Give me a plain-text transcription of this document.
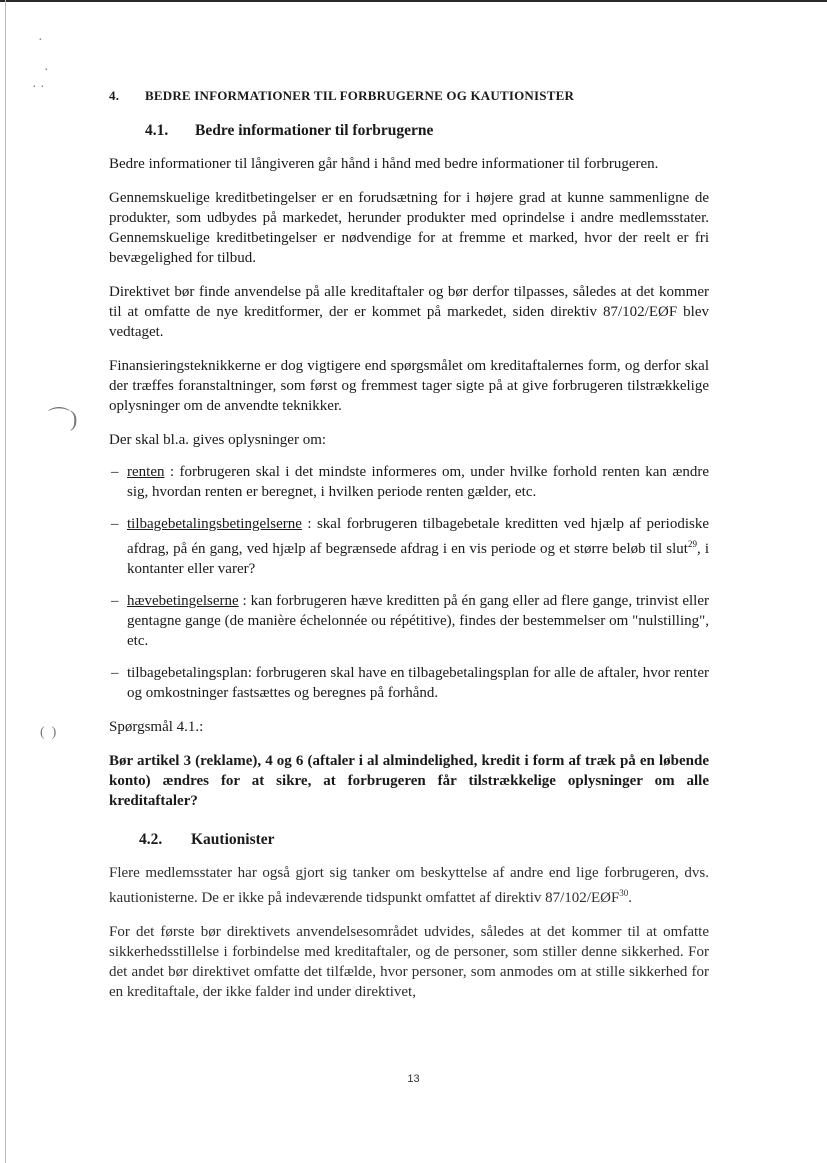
·
·
· ·
⌒)
(  )
4.	BEDRE INFORMATIONER TIL FORBRUGERNE OG KAUTIONISTER
4.1.	Bedre informationer til forbrugerne

Bedre informationer til långiveren går hånd i hånd med bedre informationer til forbrugeren.

Gennemskuelige kreditbetingelser er en forudsætning for i højere grad at kunne sammenligne de produkter, som udbydes på markedet, herunder produkter med oprindelse i andre medlemsstater. Gennemskuelige kreditbetingelser er nødvendige for at fremme et marked, hvor der reelt er fri bevægelighed for tilbud.

Direktivet bør finde anvendelse på alle kreditaftaler og bør derfor tilpasses, således at det kommer til at omfatte de nye kreditformer, der er kommet på markedet, siden direktiv 87/102/EØF blev vedtaget.

Finansieringsteknikkerne er dog vigtigere end spørgsmålet om kreditaftalernes form, og derfor skal der træffes foranstaltninger, som først og fremmest tager sigte på at give forbrugeren tilstrækkelige oplysninger om de anvendte teknikker.

Der skal bl.a. gives oplysninger om:

– renten : forbrugeren skal i det mindste informeres om, under hvilke forhold renten kan ændre sig, hvordan renten er beregnet, i hvilken periode renten gælder, etc.
– tilbagebetalingsbetingelserne : skal forbrugeren tilbagebetale kreditten ved hjælp af periodiske afdrag, på én gang, ved hjælp af begrænsede afdrag i en vis periode og et større beløb til slut$^{29}$, i kontanter eller varer?
– hævebetingelserne : kan forbrugeren hæve kreditten på én gang eller ad flere gange, trinvist eller gentagne gange (de manière échelonnée ou répétitive), findes der bestemmelser om "nulstilling", etc.
– tilbagebetalingsplan: forbrugeren skal have en tilbagebetalingsplan for alle de aftaler, hvor renter og omkostninger fastsættes og beregnes på forhånd.

Spørgsmål 4.1.:

Bør artikel 3 (reklame), 4 og 6 (aftaler i al almindelighed, kredit i form af træk på en løbende konto) ændres for at sikre, at forbrugeren får tilstrækkelige oplysninger om alle kreditaftaler?

4.2.	Kautionister

Flere medlemsstater har også gjort sig tanker om beskyttelse af andre end lige forbrugeren, dvs. kautionisterne. De er ikke på indeværende tidspunkt omfattet af direktiv 87/102/EØF$^{30}$.

For det første bør direktivets anvendelsesområdet udvides, således at det kommer til at omfatte sikkerhedsstillelse i forbindelse med kreditaftaler, og de personer, som stiller denne sikkerhed. For det andet bør direktivet omfatte det tilfælde, hvor personer, som anmodes om at stille sikkerhed for en kreditaftale, der ikke falder ind under direktivet,

13
